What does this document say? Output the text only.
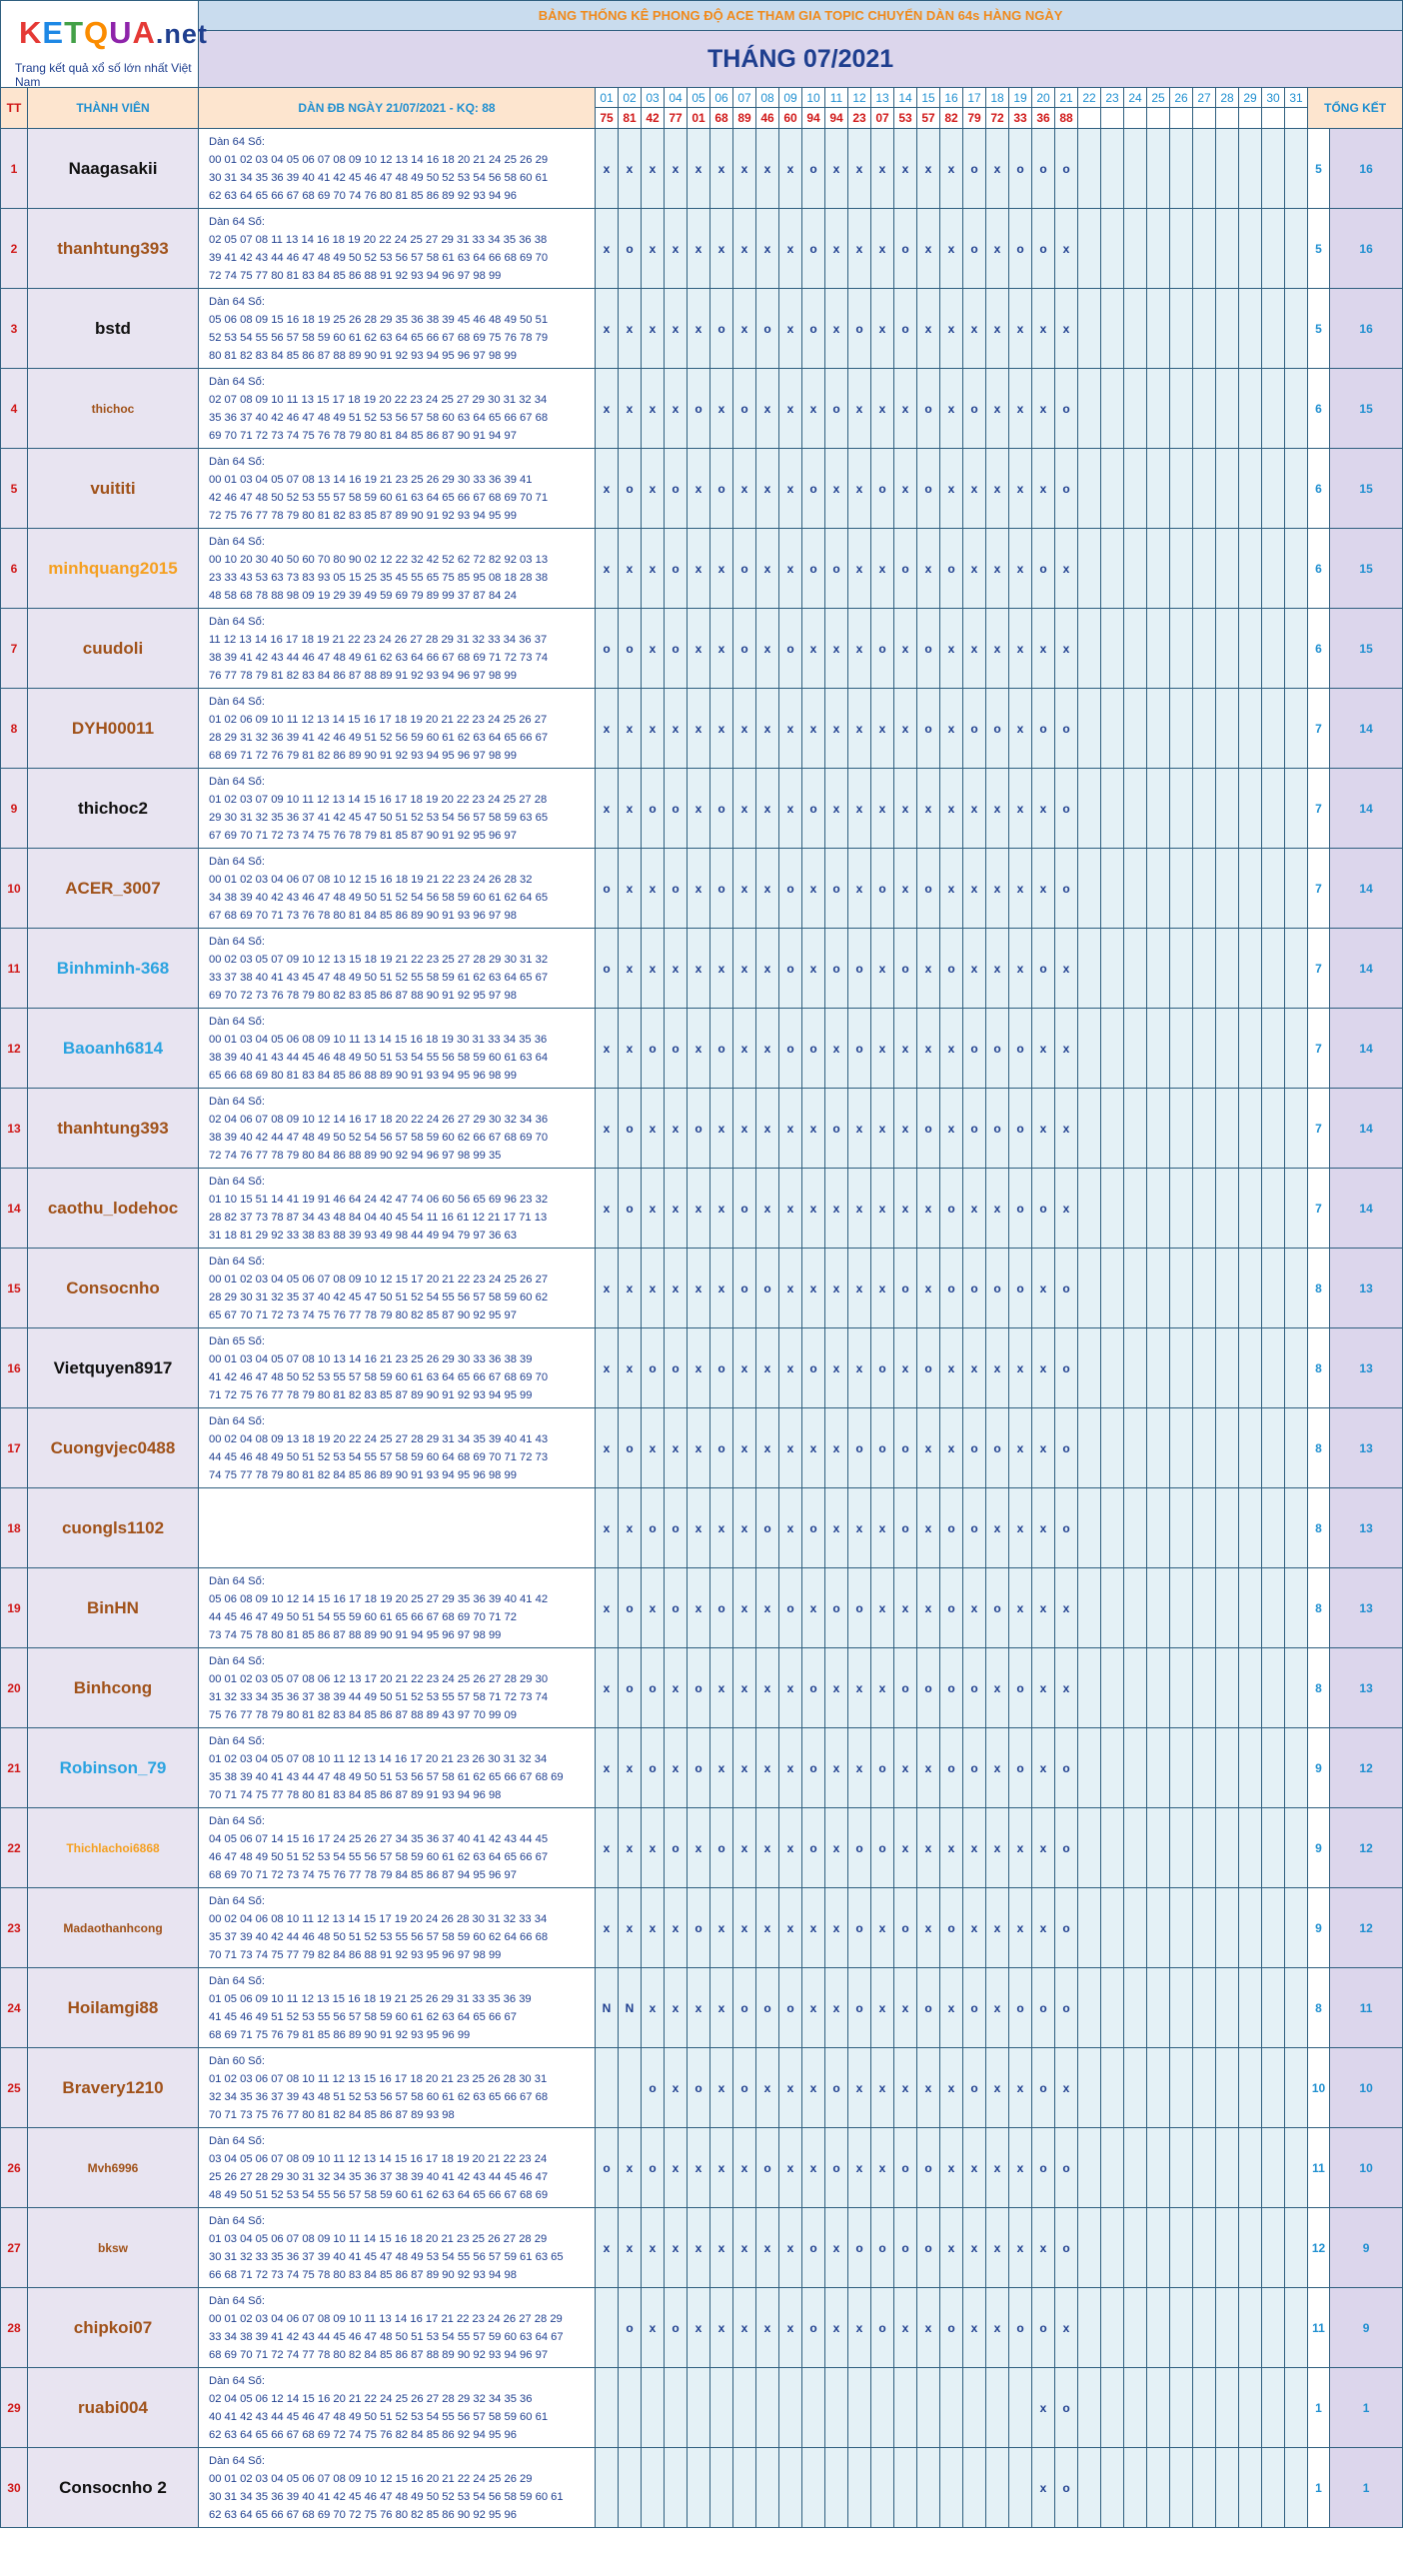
KETQUA.net
Trang kết quả xổ số lớn nhất Việt Nam		BẢNG THỐNG KÊ PHONG ĐỘ ACE THAM GIA TOPIC CHUYỂN DÀN 64s HÀNG NGÀY																																	
		THÁNG 07/2021																																	
TT	THÀNH VIÊN	DÀN ĐB NGÀY 21/07/2021 - KQ: 88	01	02	03	04	05	06	07	08	09	10	11	12	13	14	15	16	17	18	19	20	21	22	23	24	25	26	27	28	29	30	31	TỔNG KẾT	
			75	81	42	77	01	68	89	46	60	94	94	23	07	53	57	82	79	72	33	36	88												
1	Naagasakii	Dàn 64 Số:
00 01 02 03 04 05 06 07 08 09 10 12 13 14 16 18 20 21 24 25 26 29
30 31 34 35 36 39 40 41 42 45 46 47 48 49 50 52 53 54 56 58 60 61
62 63 64 65 66 67 68 69 70 74 76 80 81 85 86 89 92 93 94 96	x	x	x	x	x	x	x	x	x	o	x	x	x	x	x	x	o	x	o	o	o											5	16
2	thanhtung393	Dàn 64 Số:
02 05 07 08 11 13 14 16 18 19 20 22 24 25 27 29 31 33 34 35 36 38
39 41 42 43 44 46 47 48 49 50 52 53 56 57 58 61 63 64 66 68 69 70
72 74 75 77 80 81 83 84 85 86 88 91 92 93 94 96 97 98 99	x	o	x	x	x	x	x	x	x	o	x	x	x	o	x	x	o	x	o	o	x											5	16
3	bstd	Dàn 64 Số:
05 06 08 09 15 16 18 19 25 26 28 29 35 36 38 39 45 46 48 49 50 51
52 53 54 55 56 57 58 59 60 61 62 63 64 65 66 67 68 69 75 76 78 79
80 81 82 83 84 85 86 87 88 89 90 91 92 93 94 95 96 97 98 99	x	x	x	x	x	o	x	o	x	o	x	o	x	o	x	x	x	x	x	x	x											5	16
4	thichoc	Dàn 64 Số:
02 07 08 09 10 11 13 15 17 18 19 20 22 23 24 25 27 29 30 31 32 34
35 36 37 40 42 46 47 48 49 51 52 53 56 57 58 60 63 64 65 66 67 68
69 70 71 72 73 74 75 76 78 79 80 81 84 85 86 87 90 91 94 97	x	x	x	x	o	x	o	x	x	x	o	x	x	x	o	x	o	x	x	x	o											6	15
5	vuititi	Dàn 64 Số:
00 01 03 04 05 07 08 13 14 16 19 21 23 25 26 29 30 33 36 39 41
42 46 47 48 50 52 53 55 57 58 59 60 61 63 64 65 66 67 68 69 70 71
72 75 76 77 78 79 80 81 82 83 85 87 89 90 91 92 93 94 95 99	x	o	x	o	x	o	x	x	x	o	x	x	o	x	o	x	x	x	x	x	o											6	15
6	minhquang2015	Dàn 64 Số:
00 10 20 30 40 50 60 70 80 90 02 12 22 32 42 52 62 72 82 92 03 13
23 33 43 53 63 73 83 93 05 15 25 35 45 55 65 75 85 95 08 18 28 38
48 58 68 78 88 98 09 19 29 39 49 59 69 79 89 99 37 87 84 24	x	x	x	o	x	x	o	x	x	o	o	x	x	o	x	o	x	x	x	o	x											6	15
7	cuudoli	Dàn 64 Số:
11 12 13 14 16 17 18 19 21 22 23 24 26 27 28 29 31 32 33 34 36 37
38 39 41 42 43 44 46 47 48 49 61 62 63 64 66 67 68 69 71 72 73 74
76 77 78 79 81 82 83 84 86 87 88 89 91 92 93 94 96 97 98 99	o	o	x	o	x	x	o	x	o	x	x	x	o	x	o	x	x	x	x	x	x											6	15
8	DYH00011	Dàn 64 Số:
01 02 06 09 10 11 12 13 14 15 16 17 18 19 20 21 22 23 24 25 26 27
28 29 31 32 36 39 41 42 46 49 51 52 56 59 60 61 62 63 64 65 66 67
68 69 71 72 76 79 81 82 86 89 90 91 92 93 94 95 96 97 98 99	x	x	x	x	x	x	x	x	x	x	x	x	x	x	o	x	o	o	x	o	o											7	14
9	thichoc2	Dàn 64 Số:
01 02 03 07 09 10 11 12 13 14 15 16 17 18 19 20 22 23 24 25 27 28
29 30 31 32 35 36 37 41 42 45 47 50 51 52 53 54 56 57 58 59 63 65
67 69 70 71 72 73 74 75 76 78 79 81 85 87 90 91 92 95 96 97	x	x	o	o	x	o	x	x	x	o	x	x	x	x	x	x	x	x	x	x	o											7	14
10	ACER_3007	Dàn 64 Số:
00 01 02 03 04 06 07 08 10 12 15 16 18 19 21 22 23 24 26 28 32
34 38 39 40 42 43 46 47 48 49 50 51 52 54 56 58 59 60 61 62 64 65
67 68 69 70 71 73 76 78 80 81 84 85 86 89 90 91 93 96 97 98	o	x	x	o	x	o	x	x	o	x	o	x	o	x	o	x	x	x	x	x	o											7	14
11	Binhminh-368	Dàn 64 Số:
00 02 03 05 07 09 10 12 13 15 18 19 21 22 23 25 27 28 29 30 31 32
33 37 38 40 41 43 45 47 48 49 50 51 52 55 58 59 61 62 63 64 65 67
69 70 72 73 76 78 79 80 82 83 85 86 87 88 90 91 92 95 97 98	o	x	x	x	x	x	x	x	o	x	o	o	x	o	x	o	x	x	x	o	x											7	14
12	Baoanh6814	Dàn 64 Số:
00 01 03 04 05 06 08 09 10 11 13 14 15 16 18 19 30 31 33 34 35 36
38 39 40 41 43 44 45 46 48 49 50 51 53 54 55 56 58 59 60 61 63 64
65 66 68 69 80 81 83 84 85 86 88 89 90 91 93 94 95 96 98 99	x	x	o	o	x	o	x	x	o	o	x	o	x	x	x	x	o	o	o	x	x											7	14
13	thanhtung393	Dàn 64 Số:
02 04 06 07 08 09 10 12 14 16 17 18 20 22 24 26 27 29 30 32 34 36
38 39 40 42 44 47 48 49 50 52 54 56 57 58 59 60 62 66 67 68 69 70
72 74 76 77 78 79 80 84 86 88 89 90 92 94 96 97 98 99 35	x	o	x	x	o	x	x	x	x	x	o	x	x	x	o	x	o	o	o	x	x											7	14
14	caothu_lodehoc	Dàn 64 Số:
01 10 15 51 14 41 19 91 46 64 24 42 47 74 06 60 56 65 69 96 23 32
28 82 37 73 78 87 34 43 48 84 04 40 45 54 11 16 61 12 21 17 71 13
31 18 81 29 92 33 38 83 88 39 93 49 98 44 49 94 79 97 36 63	x	o	x	x	x	x	o	x	x	x	x	x	x	x	x	o	x	x	o	o	x											7	14
15	Consocnho	Dàn 64 Số:
00 01 02 03 04 05 06 07 08 09 10 12 15 17 20 21 22 23 24 25 26 27
28 29 30 31 32 35 37 40 42 45 47 50 51 52 54 55 56 57 58 59 60 62
65 67 70 71 72 73 74 75 76 77 78 79 80 82 85 87 90 92 95 97	x	x	x	x	x	x	o	o	x	x	x	x	x	o	x	o	o	o	o	x	o											8	13
16	Vietquyen8917	Dàn 65 Số:
00 01 03 04 05 07 08 10 13 14 16 21 23 25 26 29 30 33 36 38 39
41 42 46 47 48 50 52 53 55 57 58 59 60 61 63 64 65 66 67 68 69 70
71 72 75 76 77 78 79 80 81 82 83 85 87 89 90 91 92 93 94 95 99	x	x	o	o	x	o	x	x	x	o	x	x	o	x	o	x	x	x	x	x	o											8	13
17	Cuongvjec0488	Dàn 64 Số:
00 02 04 08 09 13 18 19 20 22 24 25 27 28 29 31 34 35 39 40 41 43
44 45 46 48 49 50 51 52 53 54 55 57 58 59 60 64 68 69 70 71 72 73
74 75 77 78 79 80 81 82 84 85 86 89 90 91 93 94 95 96 98 99	x	o	x	x	x	o	x	x	x	x	x	o	o	o	x	x	o	o	x	x	o											8	13
18	cuongls1102		x	x	o	o	x	x	x	o	x	o	x	x	x	o	x	o	o	x	x	x	o											8	13
19	BinHN	Dàn 64 Số:
05 06 08 09 10 12 14 15 16 17 18 19 20 25 27 29 35 36 39 40 41 42
44 45 46 47 49 50 51 54 55 59 60 61 65 66 67 68 69 70 71 72
73 74 75 78 80 81 85 86 87 88 89 90 91 94 95 96 97 98 99	x	o	x	o	x	o	x	x	o	x	o	o	x	x	x	o	x	o	x	x	x											8	13
20	Binhcong	Dàn 64 Số:
00 01 02 03 05 07 08 06 12 13 17 20 21 22 23 24 25 26 27 28 29 30
31 32 33 34 35 36 37 38 39 44 49 50 51 52 53 55 57 58 71 72 73 74
75 76 77 78 79 80 81 82 83 84 85 86 87 88 89 43 97 70 99 09	x	o	o	x	o	x	x	x	x	o	x	x	x	o	o	o	o	x	o	x	x											8	13
21	Robinson_79	Dàn 64 Số:
01 02 03 04 05 07 08 10 11 12 13 14 16 17 20 21 23 26 30 31 32 34
35 38 39 40 41 43 44 47 48 49 50 51 53 56 57 58 61 62 65 66 67 68 69
70 71 74 75 77 78 80 81 83 84 85 86 87 89 91 93 94 96 98	x	x	o	x	o	x	x	x	x	o	x	x	o	x	x	o	o	x	o	x	o											9	12
22	Thichlachoi6868	Dàn 64 Số:
04 05 06 07 14 15 16 17 24 25 26 27 34 35 36 37 40 41 42 43 44 45
46 47 48 49 50 51 52 53 54 55 56 57 58 59 60 61 62 63 64 65 66 67
68 69 70 71 72 73 74 75 76 77 78 79 84 85 86 87 94 95 96 97	x	x	x	o	x	o	x	x	x	o	x	o	o	x	x	x	x	x	x	x	o											9	12
23	Madaothanhcong	Dàn 64 Số:
00 02 04 06 08 10 11 12 13 14 15 17 19 20 24 26 28 30 31 32 33 34
35 37 39 40 42 44 46 48 50 51 52 53 55 56 57 58 59 60 62 64 66 68
70 71 73 74 75 77 79 82 84 86 88 91 92 93 95 96 97 98 99	x	x	x	x	o	x	x	x	x	x	x	o	x	o	x	o	x	x	x	x	o											9	12
24	Hoilamgi88	Dàn 64 Số:
01 05 06 09 10 11 12 13 15 16 18 19 21 25 26 29 31 33 35 36 39
41 45 46 49 51 52 53 55 56 57 58 59 60 61 62 63 64 65 66 67
68 69 71 75 76 79 81 85 86 89 90 91 92 93 95 96 99	N	N	x	x	x	x	o	o	o	x	x	o	x	x	o	x	o	x	o	o	o											8	11
25	Bravery1210	Dàn 60 Số:
01 02 03 06 07 08 10 11 12 13 15 16 17 18 20 21 23 25 26 28 30 31
32 34 35 36 37 39 43 48 51 52 53 56 57 58 60 61 62 63 65 66 67 68
70 71 73 75 76 77 80 81 82 84 85 86 87 89 93 98			o	x	o	x	o	x	x	x	o	x	x	x	x	x	o	x	x	o	x											10	10
26	Mvh6996	Dàn 64 Số:
03 04 05 06 07 08 09 10 11 12 13 14 15 16 17 18 19 20 21 22 23 24
25 26 27 28 29 30 31 32 34 35 36 37 38 39 40 41 42 43 44 45 46 47
48 49 50 51 52 53 54 55 56 57 58 59 60 61 62 63 64 65 66 67 68 69	o	x	o	x	x	x	x	o	x	x	o	x	x	o	o	x	x	x	x	o	o											11	10
27	bksw	Dàn 64 Số:
01 03 04 05 06 07 08 09 10 11 14 15 16 18 20 21 23 25 26 27 28 29
30 31 32 33 35 36 37 39 40 41 45 47 48 49 53 54 55 56 57 59 61 63 65
66 68 71 72 73 74 75 78 80 83 84 85 86 87 89 90 92 93 94 98	x	x	x	x	x	x	x	x	x	o	x	o	o	o	o	x	x	x	x	x	o											12	9
28	chipkoi07	Dàn 64 Số:
00 01 02 03 04 06 07 08 09 10 11 13 14 16 17 21 22 23 24 26 27 28 29
33 34 38 39 41 42 43 44 45 46 47 48 50 51 53 54 55 57 59 60 63 64 67
68 69 70 71 72 74 77 78 80 82 84 85 86 87 88 89 90 92 93 94 96 97		o	x	o	x	x	x	x	x	o	x	x	o	x	x	o	x	x	o	o	x											11	9
29	ruabi004	Dàn 64 Số:
02 04 05 06 12 14 15 16 20 21 22 24 25 26 27 28 29 32 34 35 36
40 41 42 43 44 45 46 47 48 49 50 51 52 53 54 55 56 57 58 59 60 61
62 63 64 65 66 67 68 69 72 74 75 76 82 84 85 86 92 94 95 96																				x	o											1	1
30	Consocnho 2	Dàn 64 Số:
00 01 02 03 04 05 06 07 08 09 10 12 15 16 20 21 22 24 25 26 29
30 31 34 35 36 39 40 41 42 45 46 47 48 49 50 52 53 54 56 58 59 60 61
62 63 64 65 66 67 68 69 70 72 75 76 80 82 85 86 90 92 95 96																				x	o											1	1
